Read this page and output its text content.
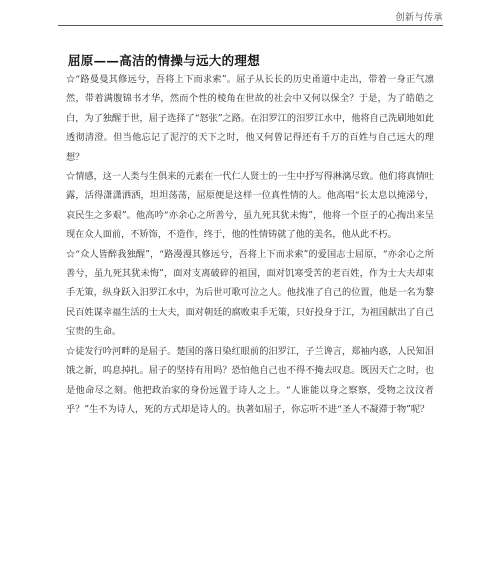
创新与传承
屈原——高洁的情操与远大的理想

☆“路曼曼其修远兮，吾将上下而求索”。屈子从长长的历史甬道中走出，带着一身正气凛然，带着满腹锦书才华，然而个性的棱角在世故的社会中又何以保全？于是，为了皓皓之白，为了独醒于世，屈子选择了“怒张”之路。在汨罗江的汨罗江水中，他将自己洗刷地如此透彻清澄。但当他忘记了泥泞的天下之时，他又何曾记得还有千万的百姓与自己远大的理想？

☆情感，这一人类与生俱来的元素在一代仁人贤士的一生中抒写得淋漓尽致。他们将真情吐露，活得潇潇洒洒，坦坦荡荡，屈原便是这样一位真性情的人。他高唱“长太息以掩涕兮，哀民生之多艰”。他高吟“亦余心之所善兮，虽九死其犹未悔”，他将一个臣子的心掏出来呈现在众人面前，不矫饰，不造作，终于，他的性情铸就了他的美名，他从此不朽。

☆“众人皆醉我独醒”，“路漫漫其修远兮，吾将上下而求索”的爱国志士屈原，“亦余心之所善兮，虽九死其犹未悔”，面对支离破碎的祖国，面对饥寒受苦的老百姓，作为士大夫却束手无策，纵身跃入汨罗江水中，为后世可歌可泣之人。他找准了自己的位置，他是一名为黎民百姓谋幸福生活的士大夫，面对朝廷的腐败束手无策，只好投身于江，为祖国献出了自己宝贵的生命。

☆徒发行吟河畔的是屈子。楚国的落日染红眼前的汨罗江，子兰谗言，郑袖内惑，人民知泪饿之新，呜息掉扎。屈子的坚持有用吗？恐怕他自己也不得不掩去叹息。既因天亡之时，也是他命尽之刻。他把政治家的身份远置于诗人之上。“人谁能以身之察察，受物之汶汶者乎？”生不为诗人，死的方式却是诗人的。执著如屈子，你忘听不进“圣人不凝滞于物”呢？
